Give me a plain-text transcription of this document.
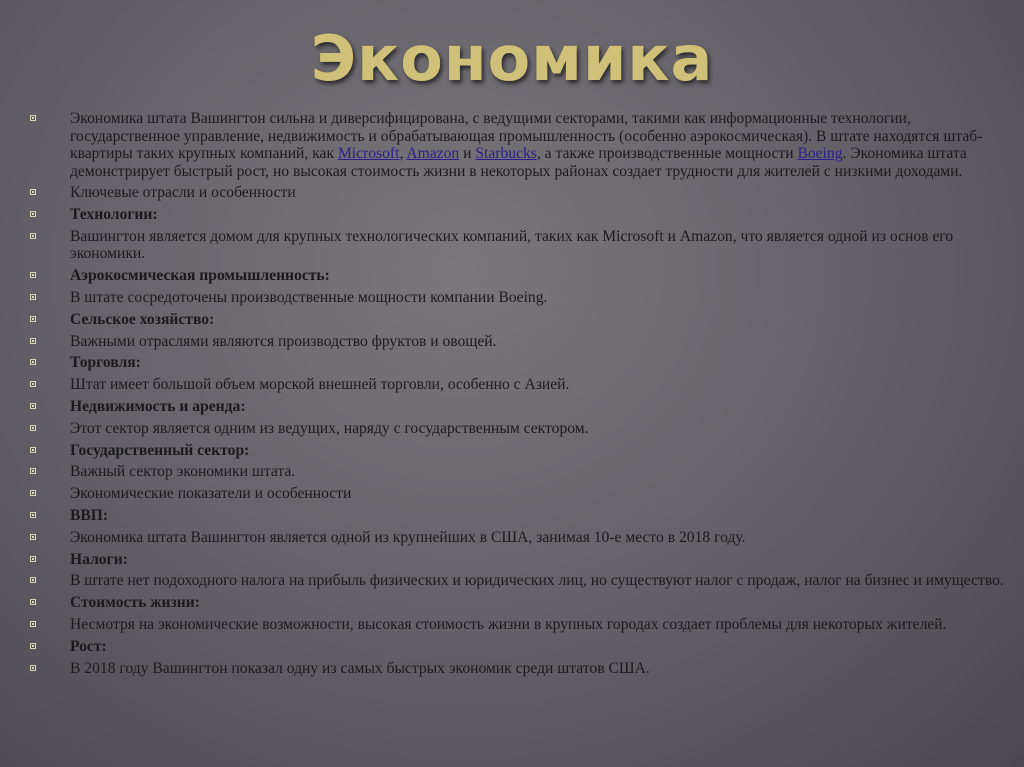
Экономика
Экономика штата Вашингтон сильна и диверсифицирована, с ведущими секторами, такими как информационные технологии, государственное управление, недвижимость и обрабатывающая промышленность (особенно аэрокосмическая). В штате находятся штаб-квартиры таких крупных компаний, как Microsoft, Amazon и Starbucks, а также производственные мощности Boeing. Экономика штата демонстрирует быстрый рост, но высокая стоимость жизни в некоторых районах создает трудности для жителей с низкими доходами.
Ключевые отрасли и особенности
Технологии:
Вашингтон является домом для крупных технологических компаний, таких как Microsoft и Amazon, что является одной из основ его экономики.
Аэрокосмическая промышленность:
В штате сосредоточены производственные мощности компании Boeing.
Сельское хозяйство:
Важными отраслями являются производство фруктов и овощей.
Торговля:
Штат имеет большой объем морской внешней торговли, особенно с Азией.
Недвижимость и аренда:
Этот сектор является одним из ведущих, наряду с государственным сектором.
Государственный сектор:
Важный сектор экономики штата.
Экономические показатели и особенности
ВВП:
Экономика штата Вашингтон является одной из крупнейших в США, занимая 10-е место в 2018 году.
Налоги:
В штате нет подоходного налога на прибыль физических и юридических лиц, но существуют налог с продаж, налог на бизнес и имущество.
Стоимость жизни:
Несмотря на экономические возможности, высокая стоимость жизни в крупных городах создает проблемы для некоторых жителей.
Рост:
В 2018 году Вашингтон показал одну из самых быстрых экономик среди штатов США.
